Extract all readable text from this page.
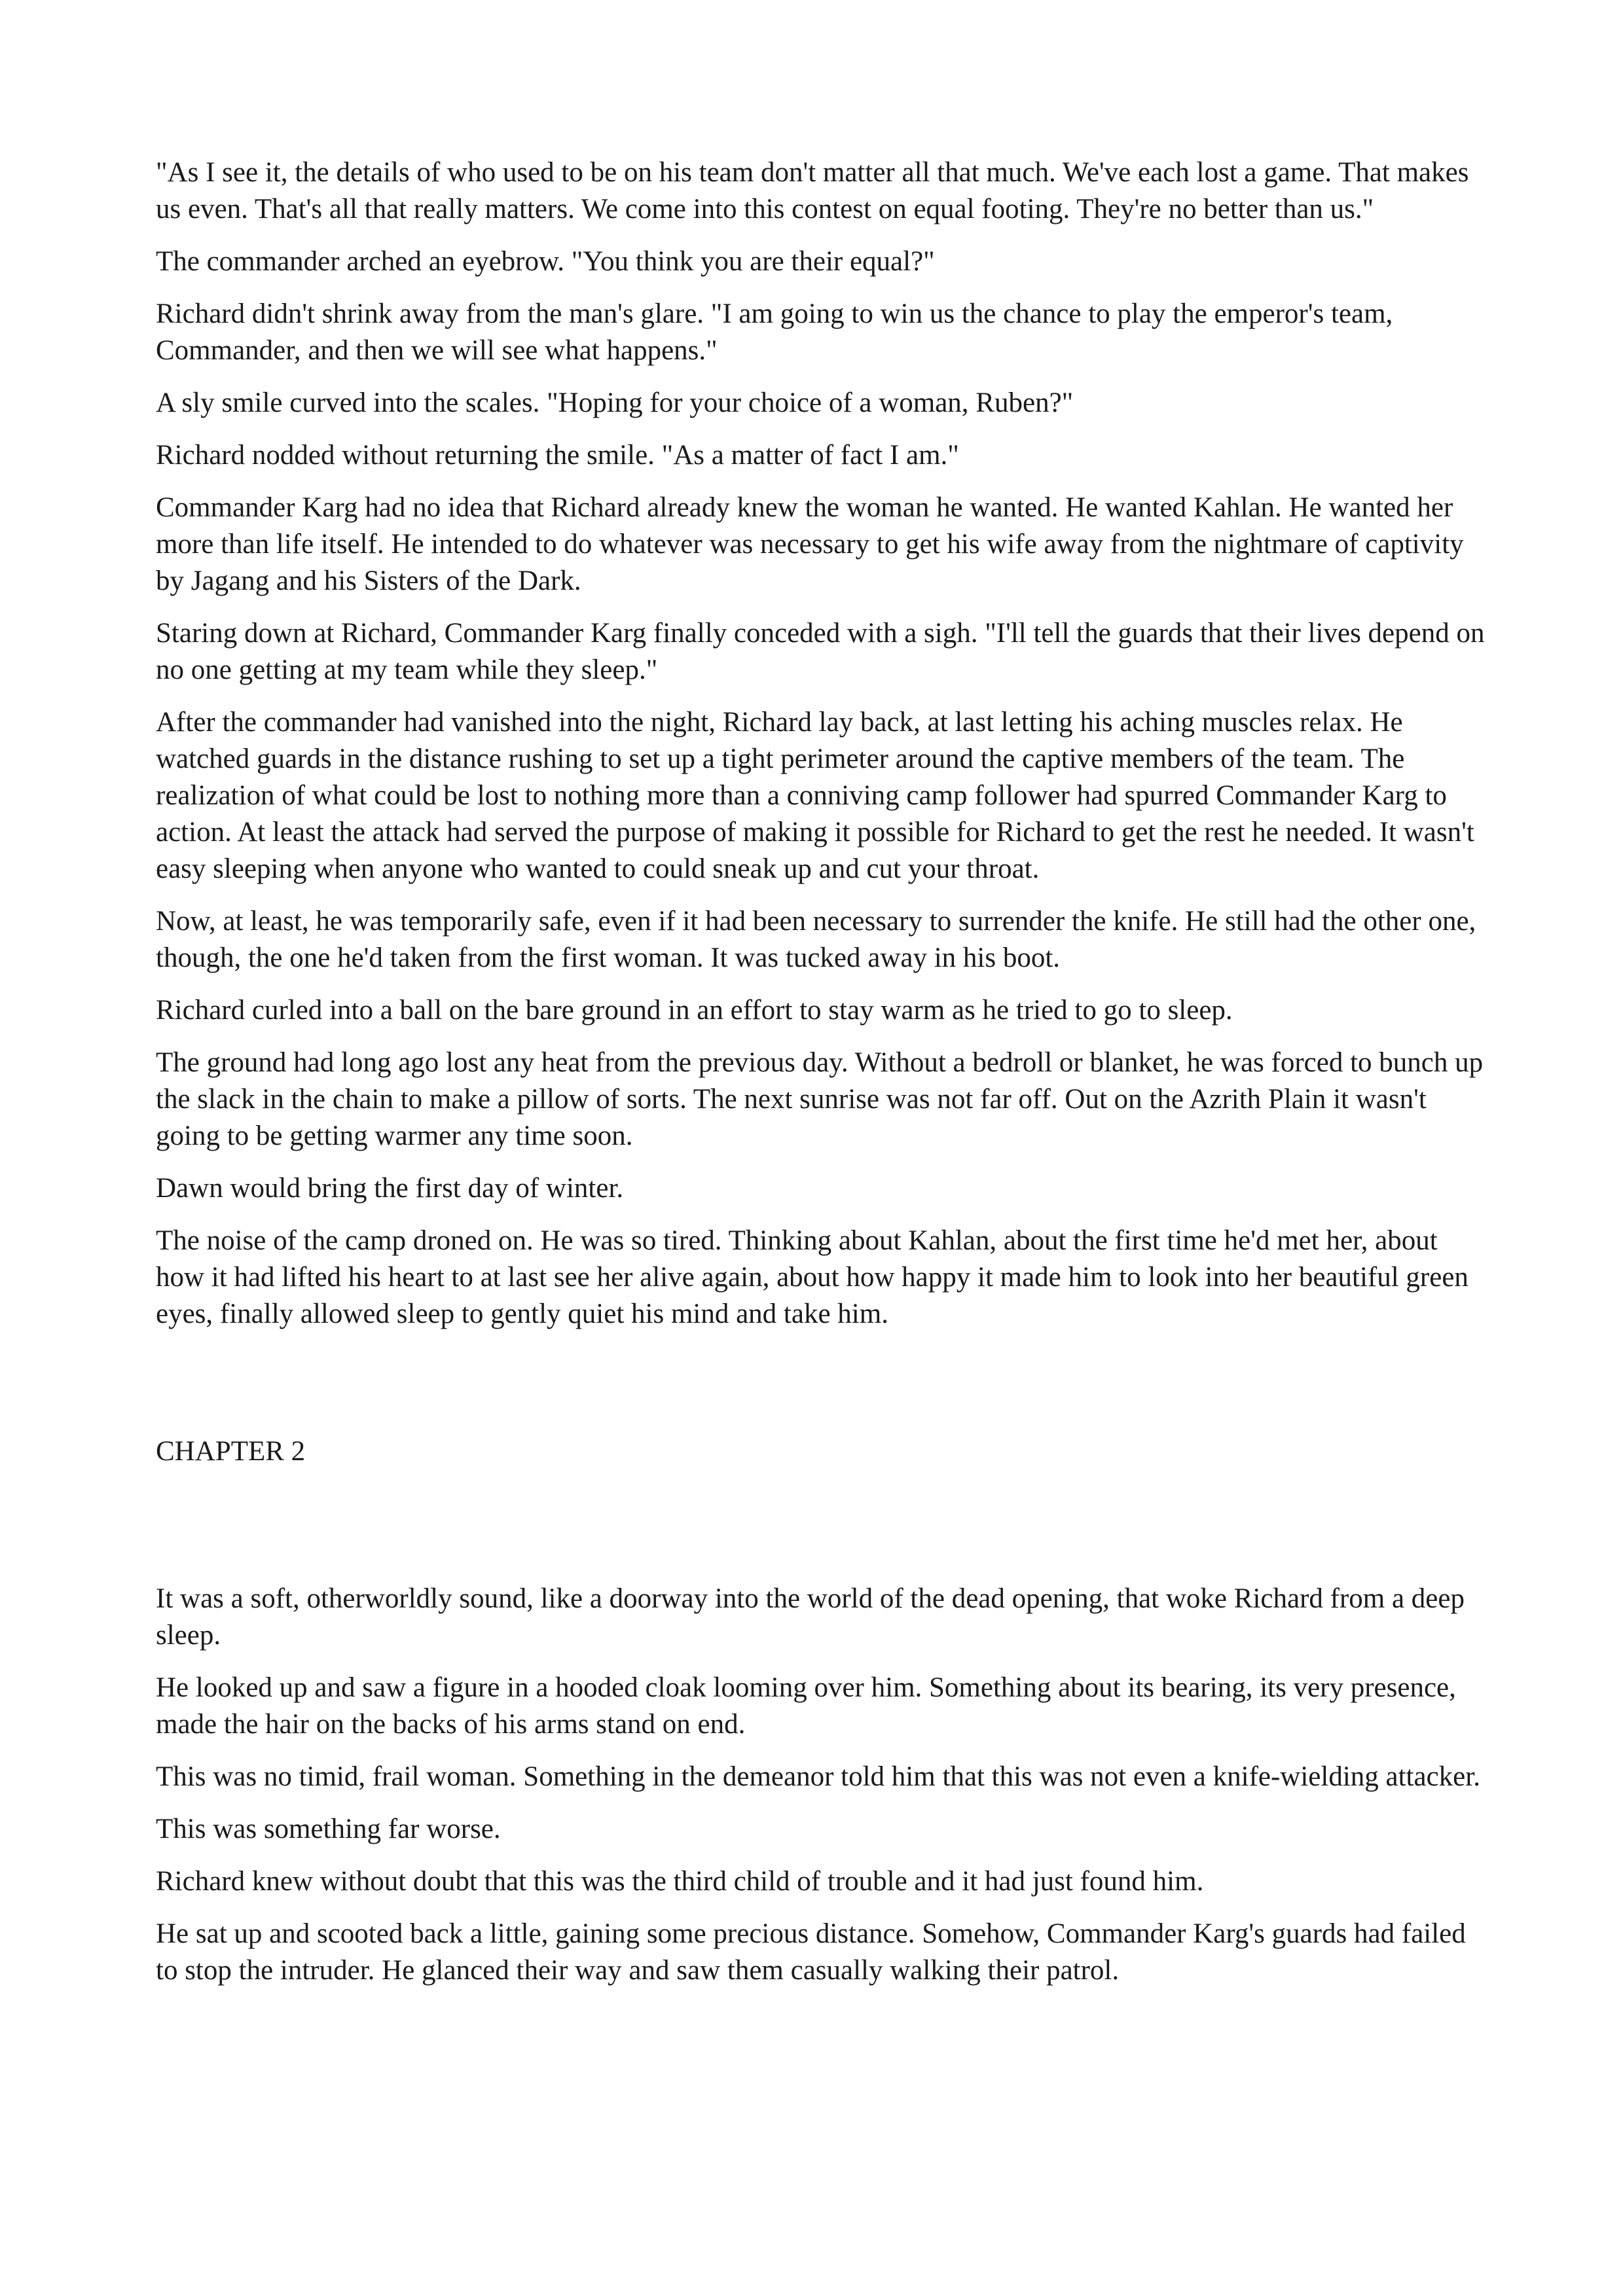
"As I see it, the details of who used to be on his team don't matter all that much. We've each lost a game. That makes us even. That's all that really matters. We come into this contest on equal footing. They're no better than us."

The commander arched an eyebrow. "You think you are their equal?"

Richard didn't shrink away from the man's glare. "I am going to win us the chance to play the emperor's team, Commander, and then we will see what happens."

A sly smile curved into the scales. "Hoping for your choice of a woman, Ruben?"

Richard nodded without returning the smile. "As a matter of fact I am."

Commander Karg had no idea that Richard already knew the woman he wanted. He wanted Kahlan. He wanted her more than life itself. He intended to do whatever was necessary to get his wife away from the nightmare of captivity by Jagang and his Sisters of the Dark.

Staring down at Richard, Commander Karg finally conceded with a sigh. "I'll tell the guards that their lives depend on no one getting at my team while they sleep."

After the commander had vanished into the night, Richard lay back, at last letting his aching muscles relax. He watched guards in the distance rushing to set up a tight perimeter around the captive members of the team. The realization of what could be lost to nothing more than a conniving camp follower had spurred Commander Karg to action. At least the attack had served the purpose of making it possible for Richard to get the rest he needed. It wasn't easy sleeping when anyone who wanted to could sneak up and cut your throat.

Now, at least, he was temporarily safe, even if it had been necessary to surrender the knife. He still had the other one, though, the one he'd taken from the first woman. It was tucked away in his boot.

Richard curled into a ball on the bare ground in an effort to stay warm as he tried to go to sleep.

The ground had long ago lost any heat from the previous day. Without a bedroll or blanket, he was forced to bunch up the slack in the chain to make a pillow of sorts. The next sunrise was not far off. Out on the Azrith Plain it wasn't going to be getting warmer any time soon.

Dawn would bring the first day of winter.

The noise of the camp droned on. He was so tired. Thinking about Kahlan, about the first time he'd met her, about how it had lifted his heart to at last see her alive again, about how happy it made him to look into her beautiful green eyes, finally allowed sleep to gently quiet his mind and take him.

CHAPTER 2

It was a soft, otherworldly sound, like a doorway into the world of the dead opening, that woke Richard from a deep sleep.

He looked up and saw a figure in a hooded cloak looming over him. Something about its bearing, its very presence, made the hair on the backs of his arms stand on end.

This was no timid, frail woman. Something in the demeanor told him that this was not even a knife-wielding attacker.

This was something far worse.

Richard knew without doubt that this was the third child of trouble and it had just found him.

He sat up and scooted back a little, gaining some precious distance. Somehow, Commander Karg's guards had failed to stop the intruder. He glanced their way and saw them casually walking their patrol.
